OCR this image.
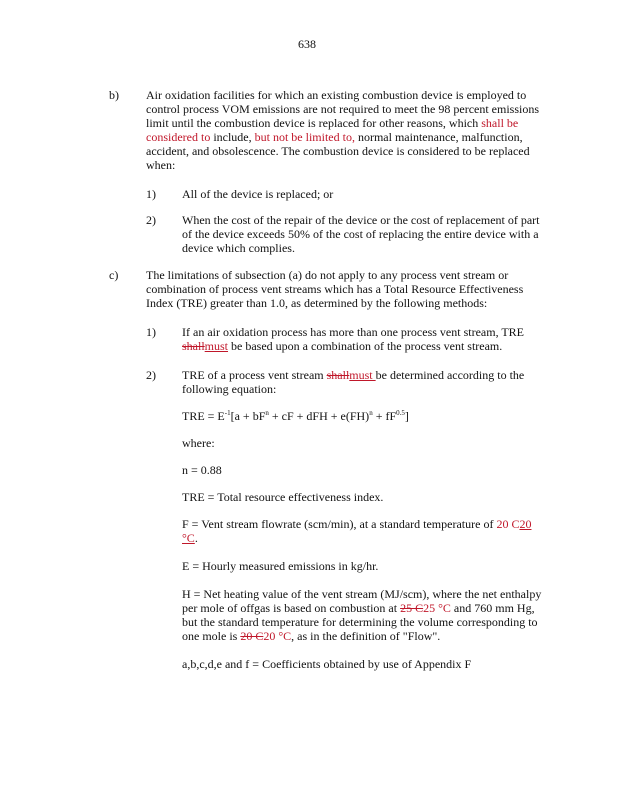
638
b) Air oxidation facilities for which an existing combustion device is employed to
control process VOM emissions are not required to meet the 98 percent emissions
limit until the combustion device is replaced for other reasons, which shall be
considered to include, but not be limited to, normal maintenance, malfunction,
accident, and obsolescence. The combustion device is considered to be replaced
when:
1) All of the device is replaced; or
2) When the cost of the repair of the device or the cost of replacement of part
of the device exceeds 50% of the cost of replacing the entire device with a
device which complies.
c) The limitations of subsection (a) do not apply to any process vent stream or
combination of process vent streams which has a Total Resource Effectiveness
Index (TRE) greater than 1.0, as determined by the following methods:
1) If an air oxidation process has more than one process vent stream, TRE
shallmust be based upon a combination of the process vent stream.
2) TRE of a process vent stream shallmust be determined according to the
following equation:
TRE = $E^{-1}[a + bF^n$ + cF + dFH + $e(FH)^n + fF^{0.5}$]
where:
n = 0.88
TRE = Total resource effectiveness index.
F = Vent stream flowrate (scm/min), at a standard temperature of 20 C20
°C.
E = Hourly measured emissions in kg/hr.
H = Net heating value of the vent stream (MJ/scm), where the net enthalpy
per mole of offgas is based on combustion at 25 C25 °C and 760 mm Hg,
but the standard temperature for determining the volume corresponding to
one mole is 20 C20 °C, as in the definition of "Flow".
a,b,c,d,e and f = Coefficients obtained by use of Appendix F
